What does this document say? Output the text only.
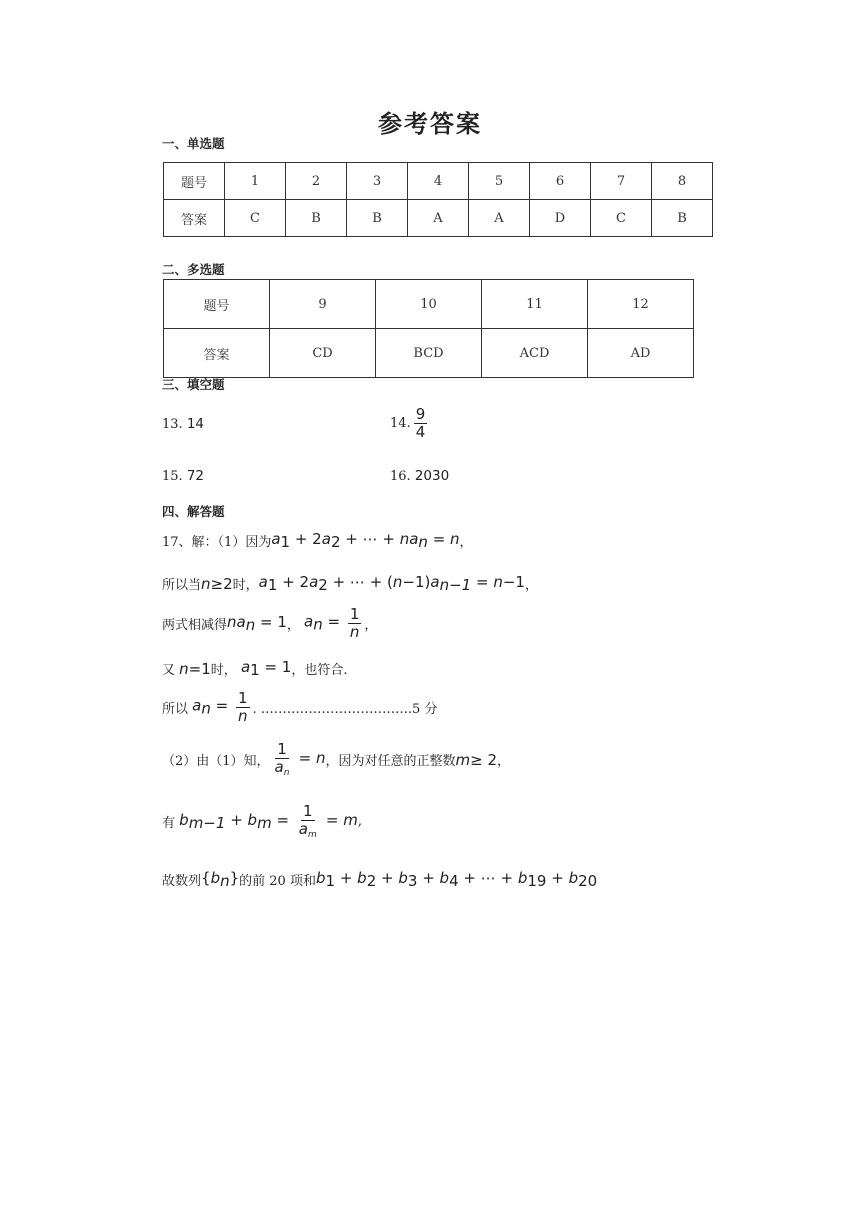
参考答案
一、单选题
题号	1	2	3	4	5	6	7	8
答案	C	B	B	A	A	D	C	B
二、多选题
题号	9	10	11	12
答案	CD	BCD	ACD	AD
三、填空题
13.
14	14. $\frac{9}{4}$
15.
72	16.
2030
四、解答题
17、解：（1）因为 $a_1 + 2a_2$ + ⋯ + $na_n = n$ ，
所以当 n≥2 时， $a_1 + 2a_2$ + ⋯ + $(n-1)a_{n-1} = n-1$ ，
两式相减得 $na_n = 1$ ，
$a_n = \frac{1}{n}$ ，
又
n=1 时，
$a_1 = 1$ ，也符合.
所以
$a_n = \frac{1}{n}$ . ……………………………..5 分
（2）由（1）知， $\frac{1}{a_n} = n$ ，因为对任意的正整数 m≥ 2 ，
有
$b_{m-1} + b_m = \frac{1}{a_m} = m$ ,
故数列 $\{b_n\}$ 的前 20 项和 $b_1 + b_2 + b_3 + b_4$ + ⋯ + $b_{19} + b_{20}$
